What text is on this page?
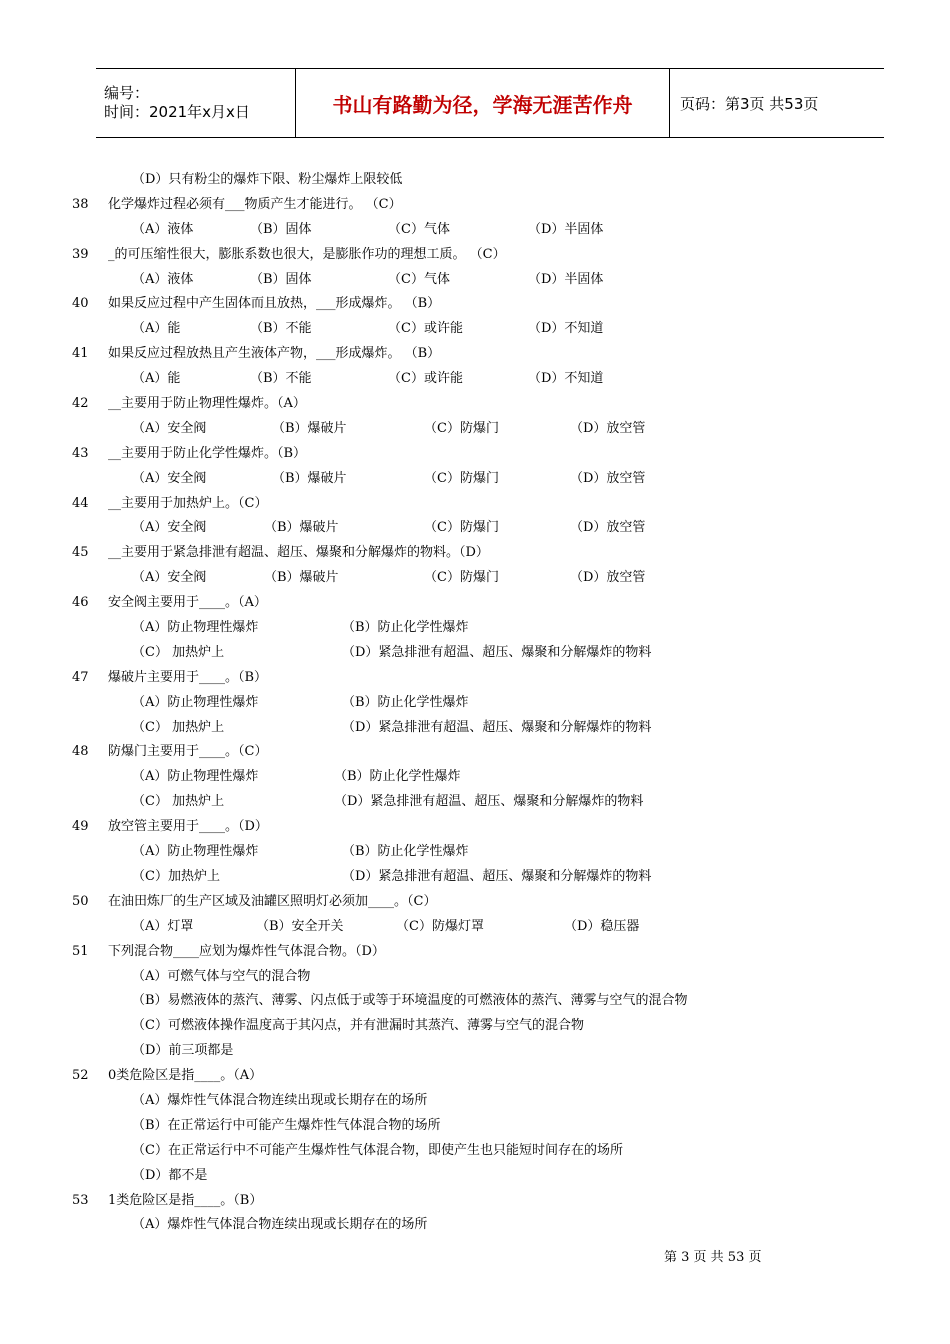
编号：
时间：2021年x月x日	书山有路勤为径，学海无涯苦作舟	页码：第3页 共53页
（D）只有粉尘的爆炸下限、粉尘爆炸上限较低
38 化学爆炸过程必须有___物质产生才能进行。 （C）
（A）液体	（B）固体	（C）气体	（D）半固体
39 _的可压缩性很大，膨胀系数也很大，是膨胀作功的理想工质。 （C）
（A）液体	（B）固体	（C）气体	（D）半固体
40 如果反应过程中产生固体而且放热，___形成爆炸。 （B）
（A）能	（B）不能	（C）或许能	（D）不知道
41 如果反应过程放热且产生液体产物，___形成爆炸。 （B）
（A）能	（B）不能	（C）或许能	（D）不知道
42 __主要用于防止物理性爆炸。（A）
（A）安全阀	（B）爆破片	（C）防爆门	（D）放空管
43 __主要用于防止化学性爆炸。（B）
（A）安全阀	（B）爆破片	（C）防爆门	（D）放空管
44 __主要用于加热炉上。（C）
（A）安全阀	（B）爆破片	（C）防爆门	（D）放空管
45 __主要用于紧急排泄有超温、超压、爆聚和分解爆炸的物料。（D）
（A）安全阀	（B）爆破片	（C）防爆门	（D）放空管
46 安全阀主要用于____。（A）
（A）防止物理性爆炸	（B）防止化学性爆炸
（C） 加热炉上	（D）紧急排泄有超温、超压、爆聚和分解爆炸的物料
47 爆破片主要用于____。（B）
（A）防止物理性爆炸	（B）防止化学性爆炸
（C） 加热炉上	（D）紧急排泄有超温、超压、爆聚和分解爆炸的物料
48 防爆门主要用于____。（C）
（A）防止物理性爆炸	（B）防止化学性爆炸
（C） 加热炉上	（D）紧急排泄有超温、超压、爆聚和分解爆炸的物料
49 放空管主要用于____。（D）
（A）防止物理性爆炸	（B）防止化学性爆炸
（C）加热炉上	（D）紧急排泄有超温、超压、爆聚和分解爆炸的物料
50 在油田炼厂的生产区域及油罐区照明灯必须加____。（C）
（A）灯罩	（B）安全开关	（C）防爆灯罩	（D）稳压器
51 下列混合物____应划为爆炸性气体混合物。（D）
（A）可燃气体与空气的混合物
（B）易燃液体的蒸汽、薄雾、闪点低于或等于环境温度的可燃液体的蒸汽、薄雾与空气的混合物
（C）可燃液体操作温度高于其闪点，并有泄漏时其蒸汽、薄雾与空气的混合物
（D）前三项都是
52 0类危险区是指____。（A）
（A）爆炸性气体混合物连续出现或长期存在的场所
（B）在正常运行中可能产生爆炸性气体混合物的场所
（C）在正常运行中不可能产生爆炸性气体混合物，即使产生也只能短时间存在的场所
（D）都不是
53 1类危险区是指____。（B）
（A）爆炸性气体混合物连续出现或长期存在的场所
第 3 页 共 53 页
